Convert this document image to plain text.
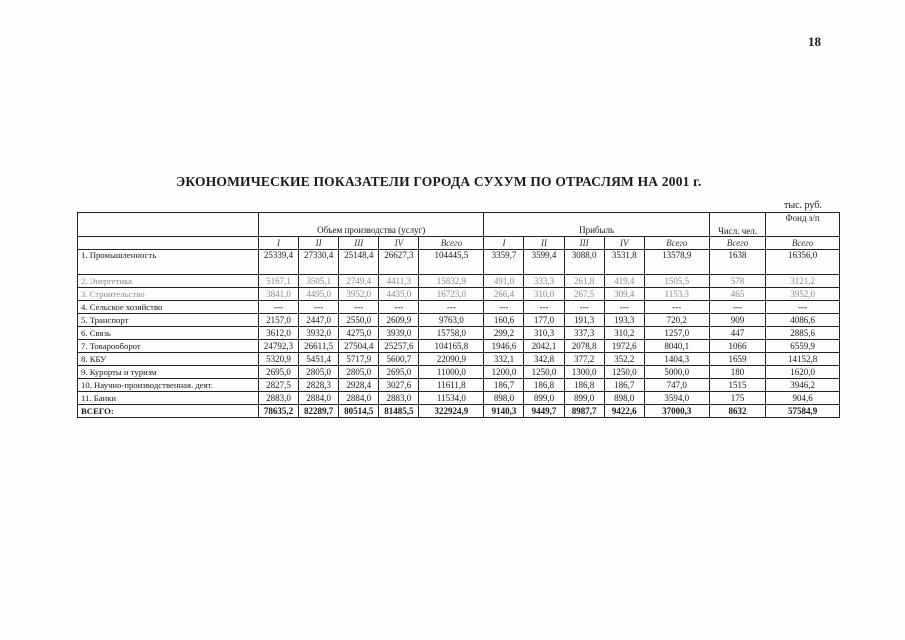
18
ЭКОНОМИЧЕСКИЕ ПОКАЗАТЕЛИ ГОРОДА СУХУМ ПО ОТРАСЛЯМ НА 2001 г.
тыс. руб.
	Объем производства (услуг)					Прибыль					Числ. чел.	Фонд з/п
	I	II	III	IV	Всего	I	II	III	IV	Всего	Всего	Всего
1. Промышленность	25339,4	27330,4	25148,4	26627,3	104445,5	3359,7	3599,4	3088,0	3531,8	13578,9	1638	16356,0
2. Энергетика	5167,1	3505,1	2749,4	4411,3	15832,9	491,0	333,3	261,8	419,4	1505,5	578	3121,2
3. Строительство	3841,0	4495,0	3952,0	4435,0	16723,0	266,4	310,0	267,5	309,4	1153,3	465	3952,0
4. Сельское хозяйство	---	---	---	---	---	---	---	---	---	---	---	---
5. Транспорт	2157,0	2447,0	2550,0	2609,9	9763,0	160,6	177,0	191,3	193,3	720,2	909	4086,6
6. Связь	3612,0	3932,0	4275,0	3939,0	15758,0	299,2	310,3	337,3	310,2	1257,0	447	2885,6
7. Товарооборот	24792,3	26611,5	27504,4	25257,6	104165,8	1946,6	2042,1	2078,8	1972,6	8040,1	1066	6559,9
8. КБУ	5320,9	5451,4	5717,9	5600,7	22090,9	332,1	342,8	377,2	352,2	1404,3	1659	14152,8
9. Курорты и туризм	2695,0	2805,0	2805,0	2695,0	11000,0	1200,0	1250,0	1300,0	1250,0	5000,0	180	1620,0
10. Научно-производственная. деят.	2827,5	2828,3	2928,4	3027,6	11611,8	186,7	186,8	186,8	186,7	747,0	1515	3946,2
11. Банки	2883,0	2884,0	2884,0	2883,0	11534,0	898,0	899,0	899,0	898,0	3594,0	175	904,6
ВСЕГО:	78635,2	82289,7	80514,5	81485,5	322924,9	9140,3	9449,7	8987,7	9422,6	37000,3	8632	57584,9
